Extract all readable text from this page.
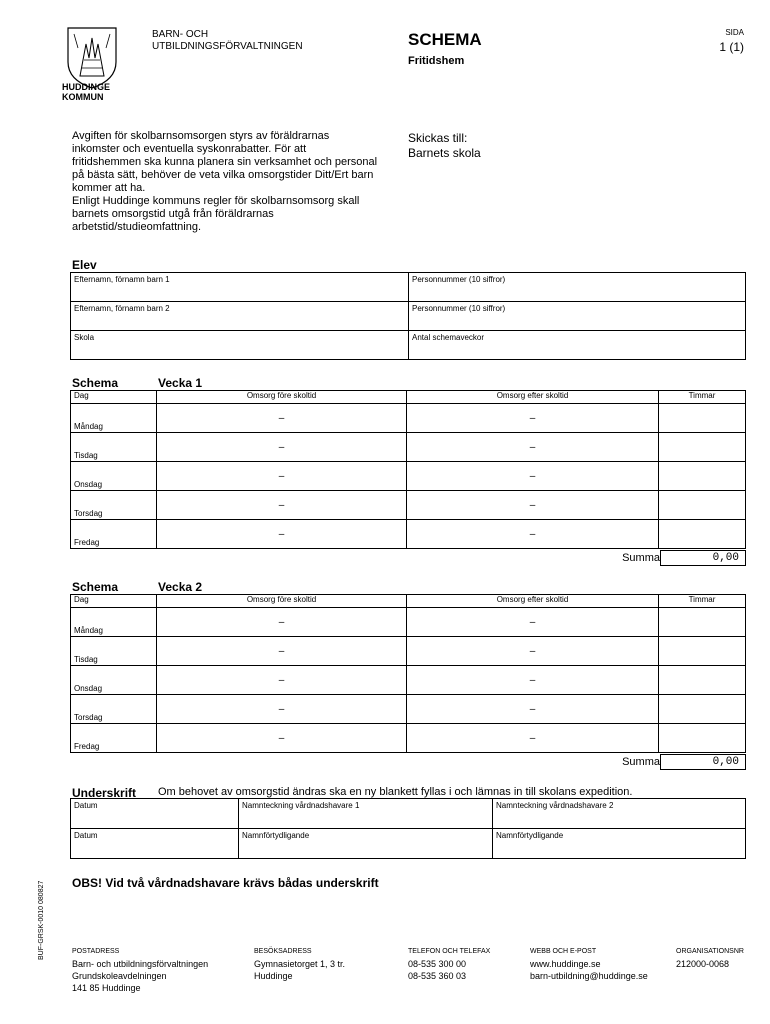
HUDDINGE
KOMMUN
BARN- OCH
UTBILDNINGSFÖRVALTNINGEN	SCHEMA
Fritidshem
SIDA
1 (1)
Avgiften för skolbarnsomsorgen styrs av föräldrarnas
inkomster och eventuella syskonrabatter. För att
fritidshemmen ska kunna planera sin verksamhet och personal
på bästa sätt, behöver de veta vilka omsorgstider Ditt/Ert barn
kommer att ha.
Enligt Huddinge kommuns regler för skolbarnsomsorg skall
barnets omsorgstid utgå från föräldrarnas
arbetstid/studieomfattning.
Skickas till:
Barnets skola
Elev
Efternamn, förnamn barn 1	Personnummer (10 siffror)
Efternamn, förnamn barn 2	Personnummer (10 siffror)
Skola	Antal schemaveckor
Schema	Vecka 1
Dag	Omsorg före skoltid	Omsorg efter skoltid	Timmar
Måndag	–	–	

Tisdag	–	–	

Onsdag	–	–	

Torsdag	–	–	

Fredag	–	–	

Summa	0,00
Schema	Vecka 2
Dag	Omsorg före skoltid	Omsorg efter skoltid	Timmar
Måndag	–	–	

Tisdag	–	–	

Onsdag	–	–	

Torsdag	–	–	

Fredag	–	–	

Summa	0,00
Underskrift Om behovet av omsorgstid ändras ska en ny blankett fyllas i och lämnas in till skolans expedition.
Datum	Namnteckning vårdnadshavare 1	Namnteckning vårdnadshavare 2
Datum	Namnförtydligande	Namnförtydligande
OBS! Vid två vårdnadshavare krävs bådas underskrift
BUF-GRSK-0010 080827	POSTADRESS
Barn- och utbildningsförvaltningen
Grundskoleavdelningen
141 85 Huddinge
BESÖKSADRESS
Gymnasietorget 1, 3 tr.
Huddinge
TELEFON OCH TELEFAX
08-535 300 00
08-535 360 03
WEBB OCH E-POST
www.huddinge.se
barn-utbildning@huddinge.se
ORGANISATIONSNR
212000-0068
